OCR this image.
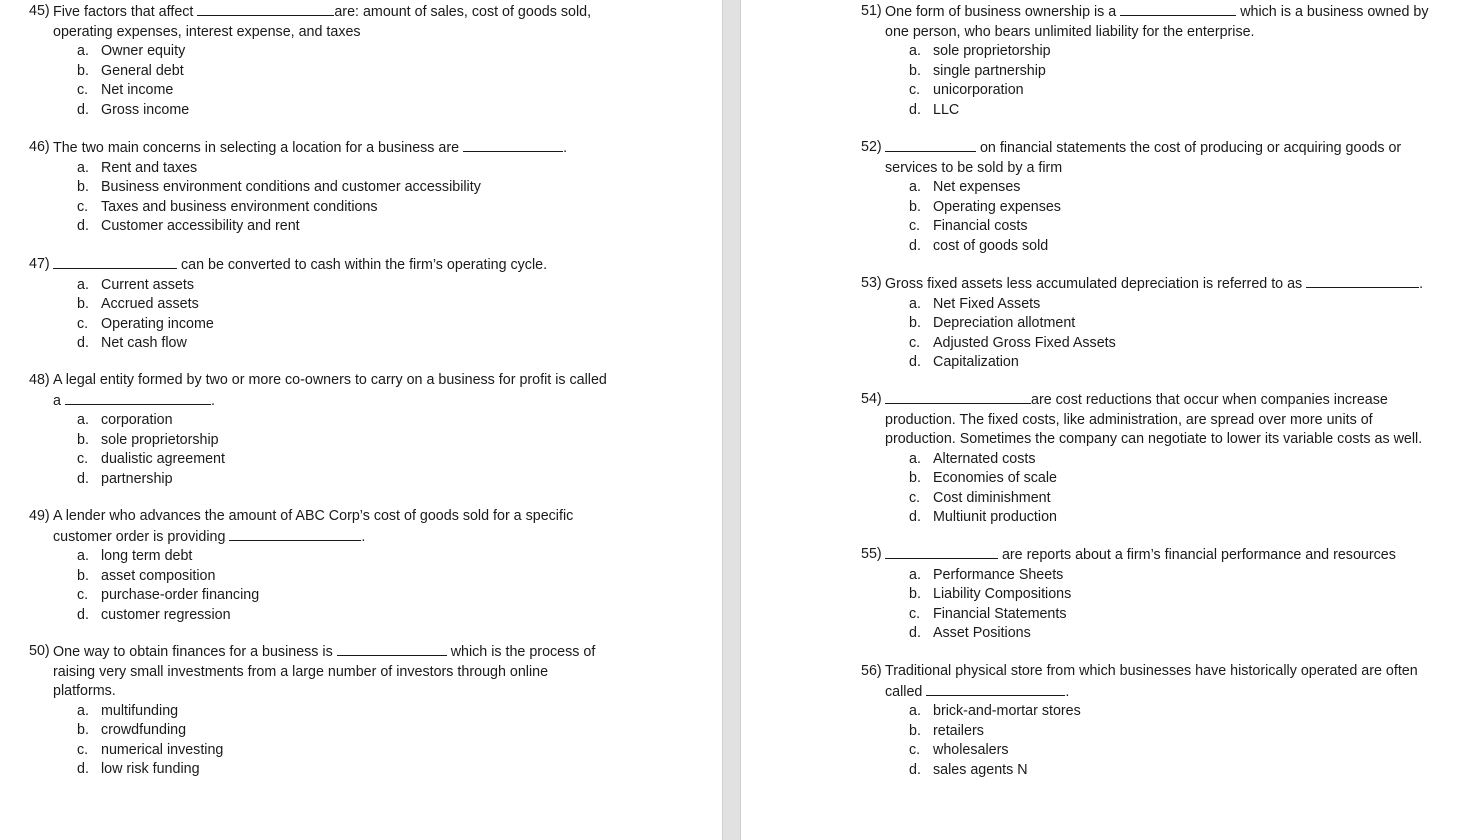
45) Five factors that affect	are: amount of sales, cost of goods sold,
operating expenses, interest expense, and taxes
a. Owner equity
b. General debt
c. Net income
d. Gross income
46) The two main concerns in selecting a location for a business are	.
a. Rent and taxes
b. Business environment conditions and customer accessibility
c. Taxes and business environment conditions
d. Customer accessibility and rent
47)	can be converted to cash within the firm’s operating cycle.
a. Current assets
b. Accrued assets
c. Operating income
d. Net cash flow
48) A legal entity formed by two or more co-owners to carry on a business for profit is called
a	.
a. corporation
b. sole proprietorship
c. dualistic agreement
d. partnership
49) A lender who advances the amount of ABC Corp’s cost of goods sold for a specific
customer order is providing	.
a. long term debt
b. asset composition
c. purchase-order financing
d. customer regression
50) One way to obtain finances for a business is	which is the process of
raising very small investments from a large number of investors through online
platforms.
a. multifunding
b. crowdfunding
c. numerical investing
d. low risk funding
51) One form of business ownership is a	which is a business owned by
one person, who bears unlimited liability for the enterprise.
a. sole proprietorship
b. single partnership
c. unicorporation
d. LLC
52)	on financial statements the cost of producing or acquiring goods or
services to be sold by a firm
a. Net expenses
b. Operating expenses
c. Financial costs
d. cost of goods sold
53) Gross fixed assets less accumulated depreciation is referred to as	.
a. Net Fixed Assets
b. Depreciation allotment
c. Adjusted Gross Fixed Assets
d. Capitalization
54)	are cost reductions that occur when companies increase
production. The fixed costs, like administration, are spread over more units of
production. Sometimes the company can negotiate to lower its variable costs as well.
a. Alternated costs
b. Economies of scale
c. Cost diminishment
d. Multiunit production
55)	are reports about a firm’s financial performance and resources
a. Performance Sheets
b. Liability Compositions
c. Financial Statements
d. Asset Positions
56) Traditional physical store from which businesses have historically operated are often
called	.
a. brick-and-mortar stores
b. retailers
c. wholesalers
d. sales agents N
